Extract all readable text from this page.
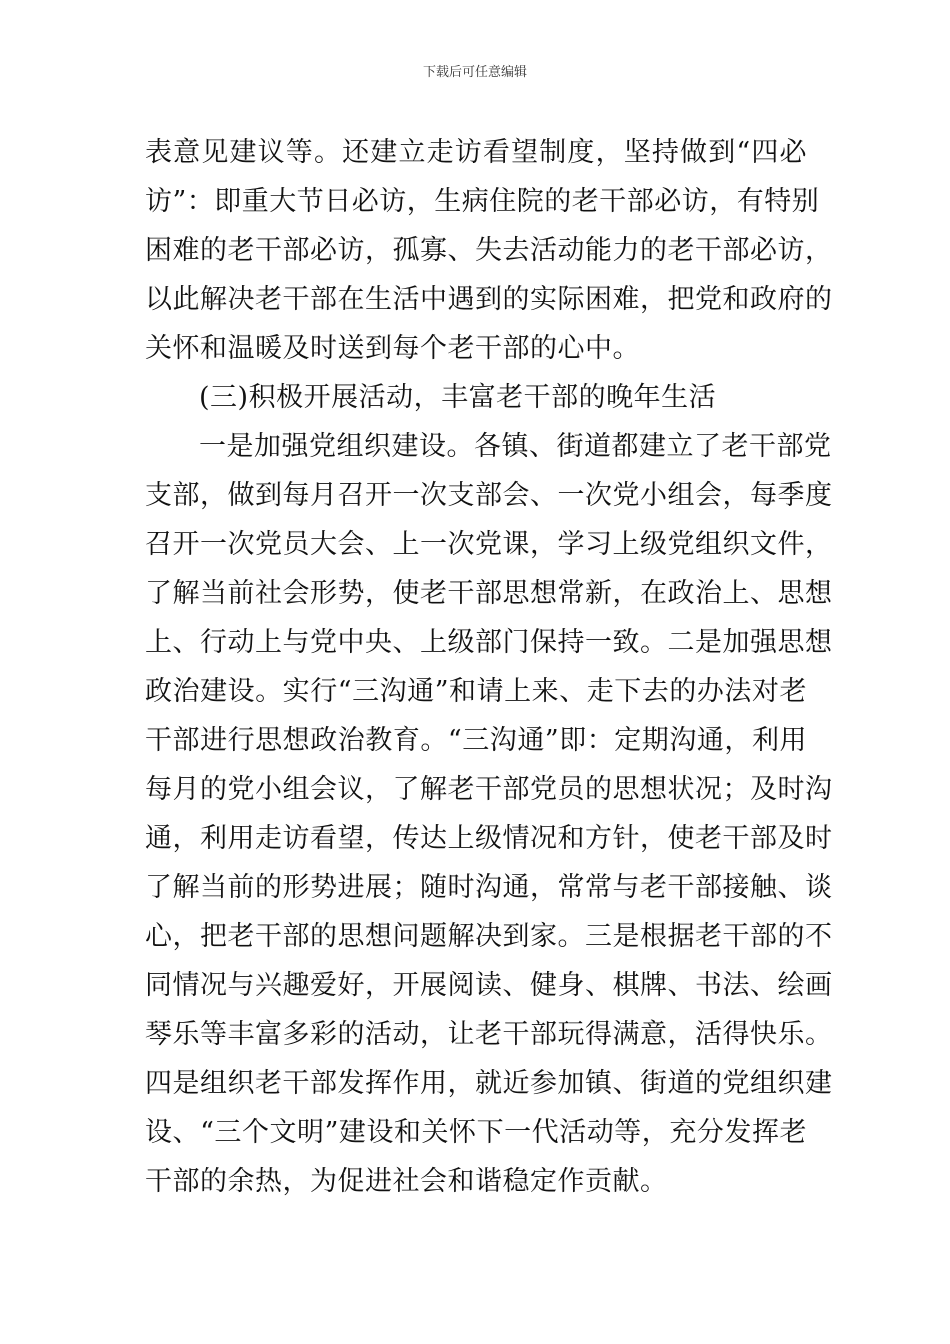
下载后可任意编辑
表意见建议等。还建立走访看望制度，坚持做到“四必
访”：即重大节日必访，生病住院的老干部必访，有特别
困难的老干部必访，孤寡、失去活动能力的老干部必访，
以此解决老干部在生活中遇到的实际困难，把党和政府的
关怀和温暖及时送到每个老干部的心中。
(三)积极开展活动，丰富老干部的晚年生活
一是加强党组织建设。各镇、街道都建立了老干部党
支部，做到每月召开一次支部会、一次党小组会，每季度
召开一次党员大会、上一次党课，学习上级党组织文件，
了解当前社会形势，使老干部思想常新，在政治上、思想
上、行动上与党中央、上级部门保持一致。二是加强思想
政治建设。实行“三沟通”和请上来、走下去的办法对老
干部进行思想政治教育。“三沟通”即：定期沟通，利用
每月的党小组会议，了解老干部党员的思想状况；及时沟
通，利用走访看望，传达上级情况和方针，使老干部及时
了解当前的形势进展；随时沟通，常常与老干部接触、谈
心，把老干部的思想问题解决到家。三是根据老干部的不
同情况与兴趣爱好，开展阅读、健身、棋牌、书法、绘画
琴乐等丰富多彩的活动，让老干部玩得满意，活得快乐。
四是组织老干部发挥作用，就近参加镇、街道的党组织建
设、“三个文明”建设和关怀下一代活动等，充分发挥老
干部的余热，为促进社会和谐稳定作贡献。
